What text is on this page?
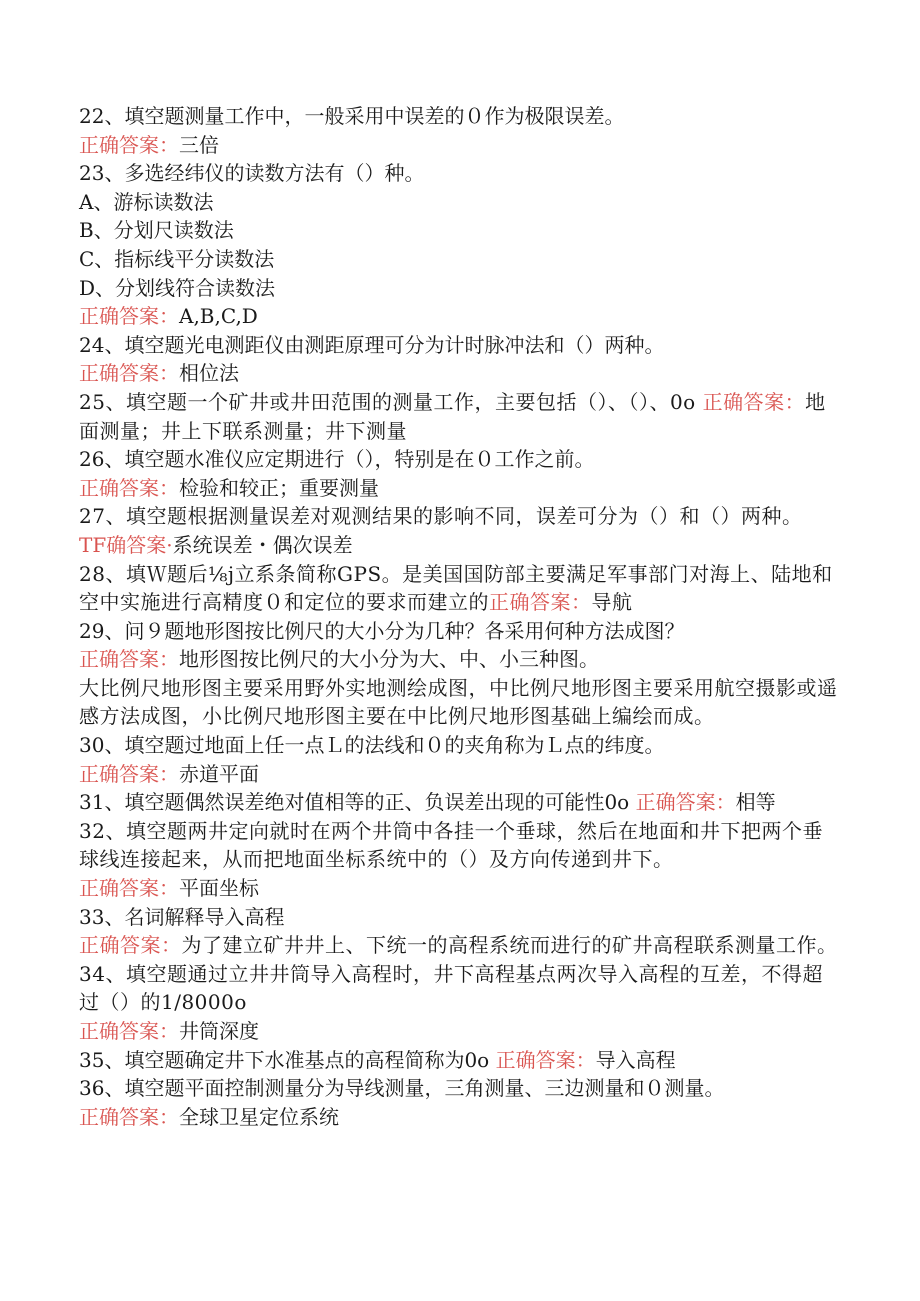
22、填空题测量工作中，一般采用中误差的０作为极限误差。

正确答案：三倍

23、多选经纬仪的读数方法有（）种。

A、游标读数法

B、分划尺读数法

C、指标线平分读数法

D、分划线符合读数法

正确答案：A,B,C,D

24、填空题光电测距仪由测距原理可分为计时脉冲法和（）两种。

正确答案：相位法

25、填空题一个矿井或井田范围的测量工作，主要包括（）、（）、0o 正确答案：地面测量；井上下联系测量；井下测量

26、填空题水准仪应定期进行（），特别是在０工作之前。

正确答案：检验和较正；重要测量

27、填空题根据测量误差对观测结果的影响不同，误差可分为（）和（）两种。

TF确答案·系统误差・偶次误差

28、填Ｗ题后⅛j立系条简称GPS。是美国国防部主要满足军事部门对海上、陆地和空中实施进行高精度０和定位的要求而建立的正确答案：导航

29、问９题地形图按比例尺的大小分为几种？各采用何种方法成图？

正确答案：地形图按比例尺的大小分为大、中、小三种图。

大比例尺地形图主要采用野外实地测绘成图，中比例尺地形图主要采用航空摄影或遥感方法成图，小比例尺地形图主要在中比例尺地形图基础上编绘而成。

30、填空题过地面上任一点Ｌ的法线和０的夹角称为Ｌ点的纬度。

正确答案：赤道平面

31、填空题偶然误差绝对值相等的正、负误差出现的可能性0o 正确答案：相等

32、填空题两井定向就时在两个井筒中各挂一个垂球，然后在地面和井下把两个垂球线连接起来，从而把地面坐标系统中的（）及方向传递到井下。

正确答案：平面坐标

33、名词解释导入高程

正确答案：为了建立矿井井上、下统一的高程系统而进行的矿井高程联系测量工作。

34、填空题通过立井井筒导入高程时，井下高程基点两次导入高程的互差，不得超过（）的1/8000o

正确答案：井筒深度

35、填空题确定井下水准基点的高程简称为0o 正确答案：导入高程

36、填空题平面控制测量分为导线测量，三角测量、三边测量和０测量。

正确答案：全球卫星定位系统
